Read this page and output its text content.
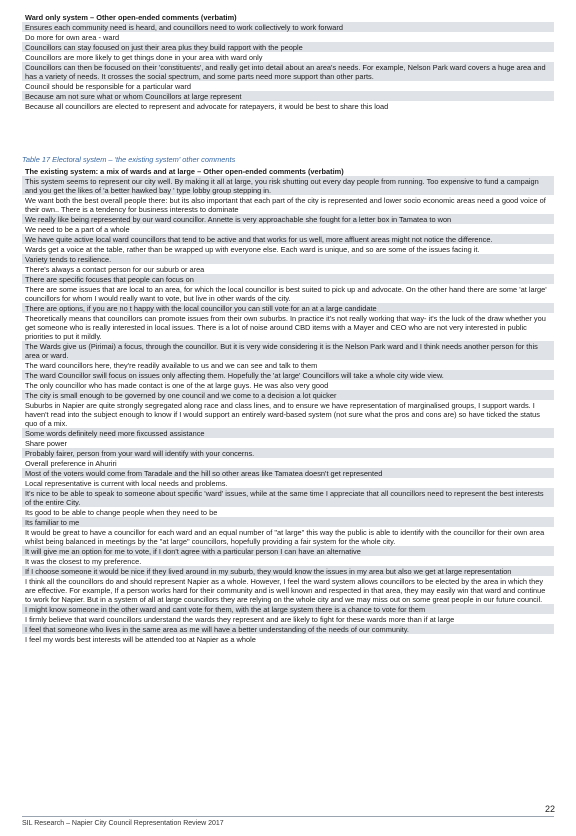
Ward only system – Other open-ended comments (verbatim)
Ensures each community need is heard, and councillors need to work collectively to work forward
Do more for own area - ward
Councillors can stay focused on just their area plus they build rapport with the people
Councillors are more likely to get things done in your area with ward only
Councillors can then be focused on their 'constituents', and really get into detail about an area's needs. For example, Nelson Park ward covers a huge area and has a variety of needs. It crosses the social spectrum, and some parts need more support than other parts.
Council should be responsible for a particular ward
Because am not sure what or whom Councillors at large represent
Because all councillors are elected to represent and advocate for ratepayers, it would be best to share this load
Table 17 Electoral system – 'the existing system' other comments
The existing system: a mix of wards and at large – Other open-ended comments (verbatim)
This system seems to represent our city well. By making it all at large, you risk shutting out every day people from running. Too expensive to fund a campaign and you get the likes of 'a better hawked bay ' type lobby group stepping in.
We want both the best overall people there: but its also important that each part of the city is represented and lower socio economic areas need a good voice of their own.. There is a tendency for business interests to dominate
We really like being represented by our ward councillor. Annette is very approachable she fought for a letter box in Tamatea to won
We need to be a part of a whole
We have quite active local ward councillors that tend to be active and that works for us well, more affluent areas might not notice the difference.
Wards get a voice at the table, rather than be wrapped up with everyone else. Each ward is unique, and so are some of the issues facing it.
Variety tends to resilience.
There's always a contact person for our suburb or area
There are specific focuses that people can focus on
There are some issues that are local to an area, for which the local councillor is best suited to pick up and advocate. On the other hand there are some 'at large' councillors for whom I would really want to vote, but live in other wards of the city.
There are options, if you are no t happy with the local councillor you can still vote for an at a large candidate
Theoretically means that councillors can promote issues from their own suburbs. In practice it's not really working that way- it's the luck of the draw whether you get someone who is really interested in local issues. There is a lot of noise around CBD items with a Mayer and CEO who are not very interested in public priorities to put it mildly.
The Wards give us (Pirimai) a focus, through the councillor. But it is very wide considering it is the Nelson Park ward and I think needs another person for this area or ward.
The ward councillors here, they're readily available to us and we can see and talk to them
The ward Councillor swill focus on issues only affecting them. Hopefully the 'at large' Councillors will take a whole city wide view.
The only councillor who has made contact is one of the at large guys. He was also very good
The city is small enough to be governed by one council and we come to a decision a lot quicker
Suburbs in Napier are quite strongly segregated along race and class lines, and to ensure we have representation of marginalised groups, I support wards. I haven't read into the subject enough to know if I would support an entirely ward-based system (not sure what the pros and cons are) so have ticked the status quo of a mix.
Some words definitely need more fixcussed assistance
Share power
Probably fairer, person from your ward will identify with your concerns.
Overall preference in Ahuriri
Most of the voters would come from Taradale and the hill so other areas like Tamatea doesn't get represented
Local representative is current with local needs and problems.
It's nice to be able to speak to someone about specific 'ward' issues, while at the same time I appreciate that all councillors need to represent the best interests of the entire City.
Its good to be able to change people when they need to be
Its familiar to me
It would be great to have a councillor for each ward and an equal number of "at large" this way the public is able to identify with the councillor for their own area whilst being balanced in meetings by the "at large" councillors, hopefully providing a fair system for the whole city.
It will give me an option for me to vote, if I don't agree with a particular person I can have an alternative
It was the closest to my preference.
If I choose someone it would be nice if they lived around in my suburb, they would know the issues in my area but also we get at large representation
I think all the councillors do and should represent Napier as a whole. However, I feel the ward system allows councillors to be elected by the area in which they are effective. For example, If a person works hard for their community and is well known and respected in that area, they may easily win that ward and continue to work for Napier. But in a system of all at large councillors they are relying on the whole city and we may miss out on some great people in our future council.
I might know someone in the other ward and cant vote for them, with the at large system there is a chance to vote for them
I firmly believe that ward councillors understand the wards they represent and are likely to fight for these wards more than if at large
I feel that someone who lives in the same area as me will have a better understanding of the needs of our community.
I feel my words best interests will be attended too at Napier as a whole
22
SIL Research – Napier City Council Representation Review 2017
